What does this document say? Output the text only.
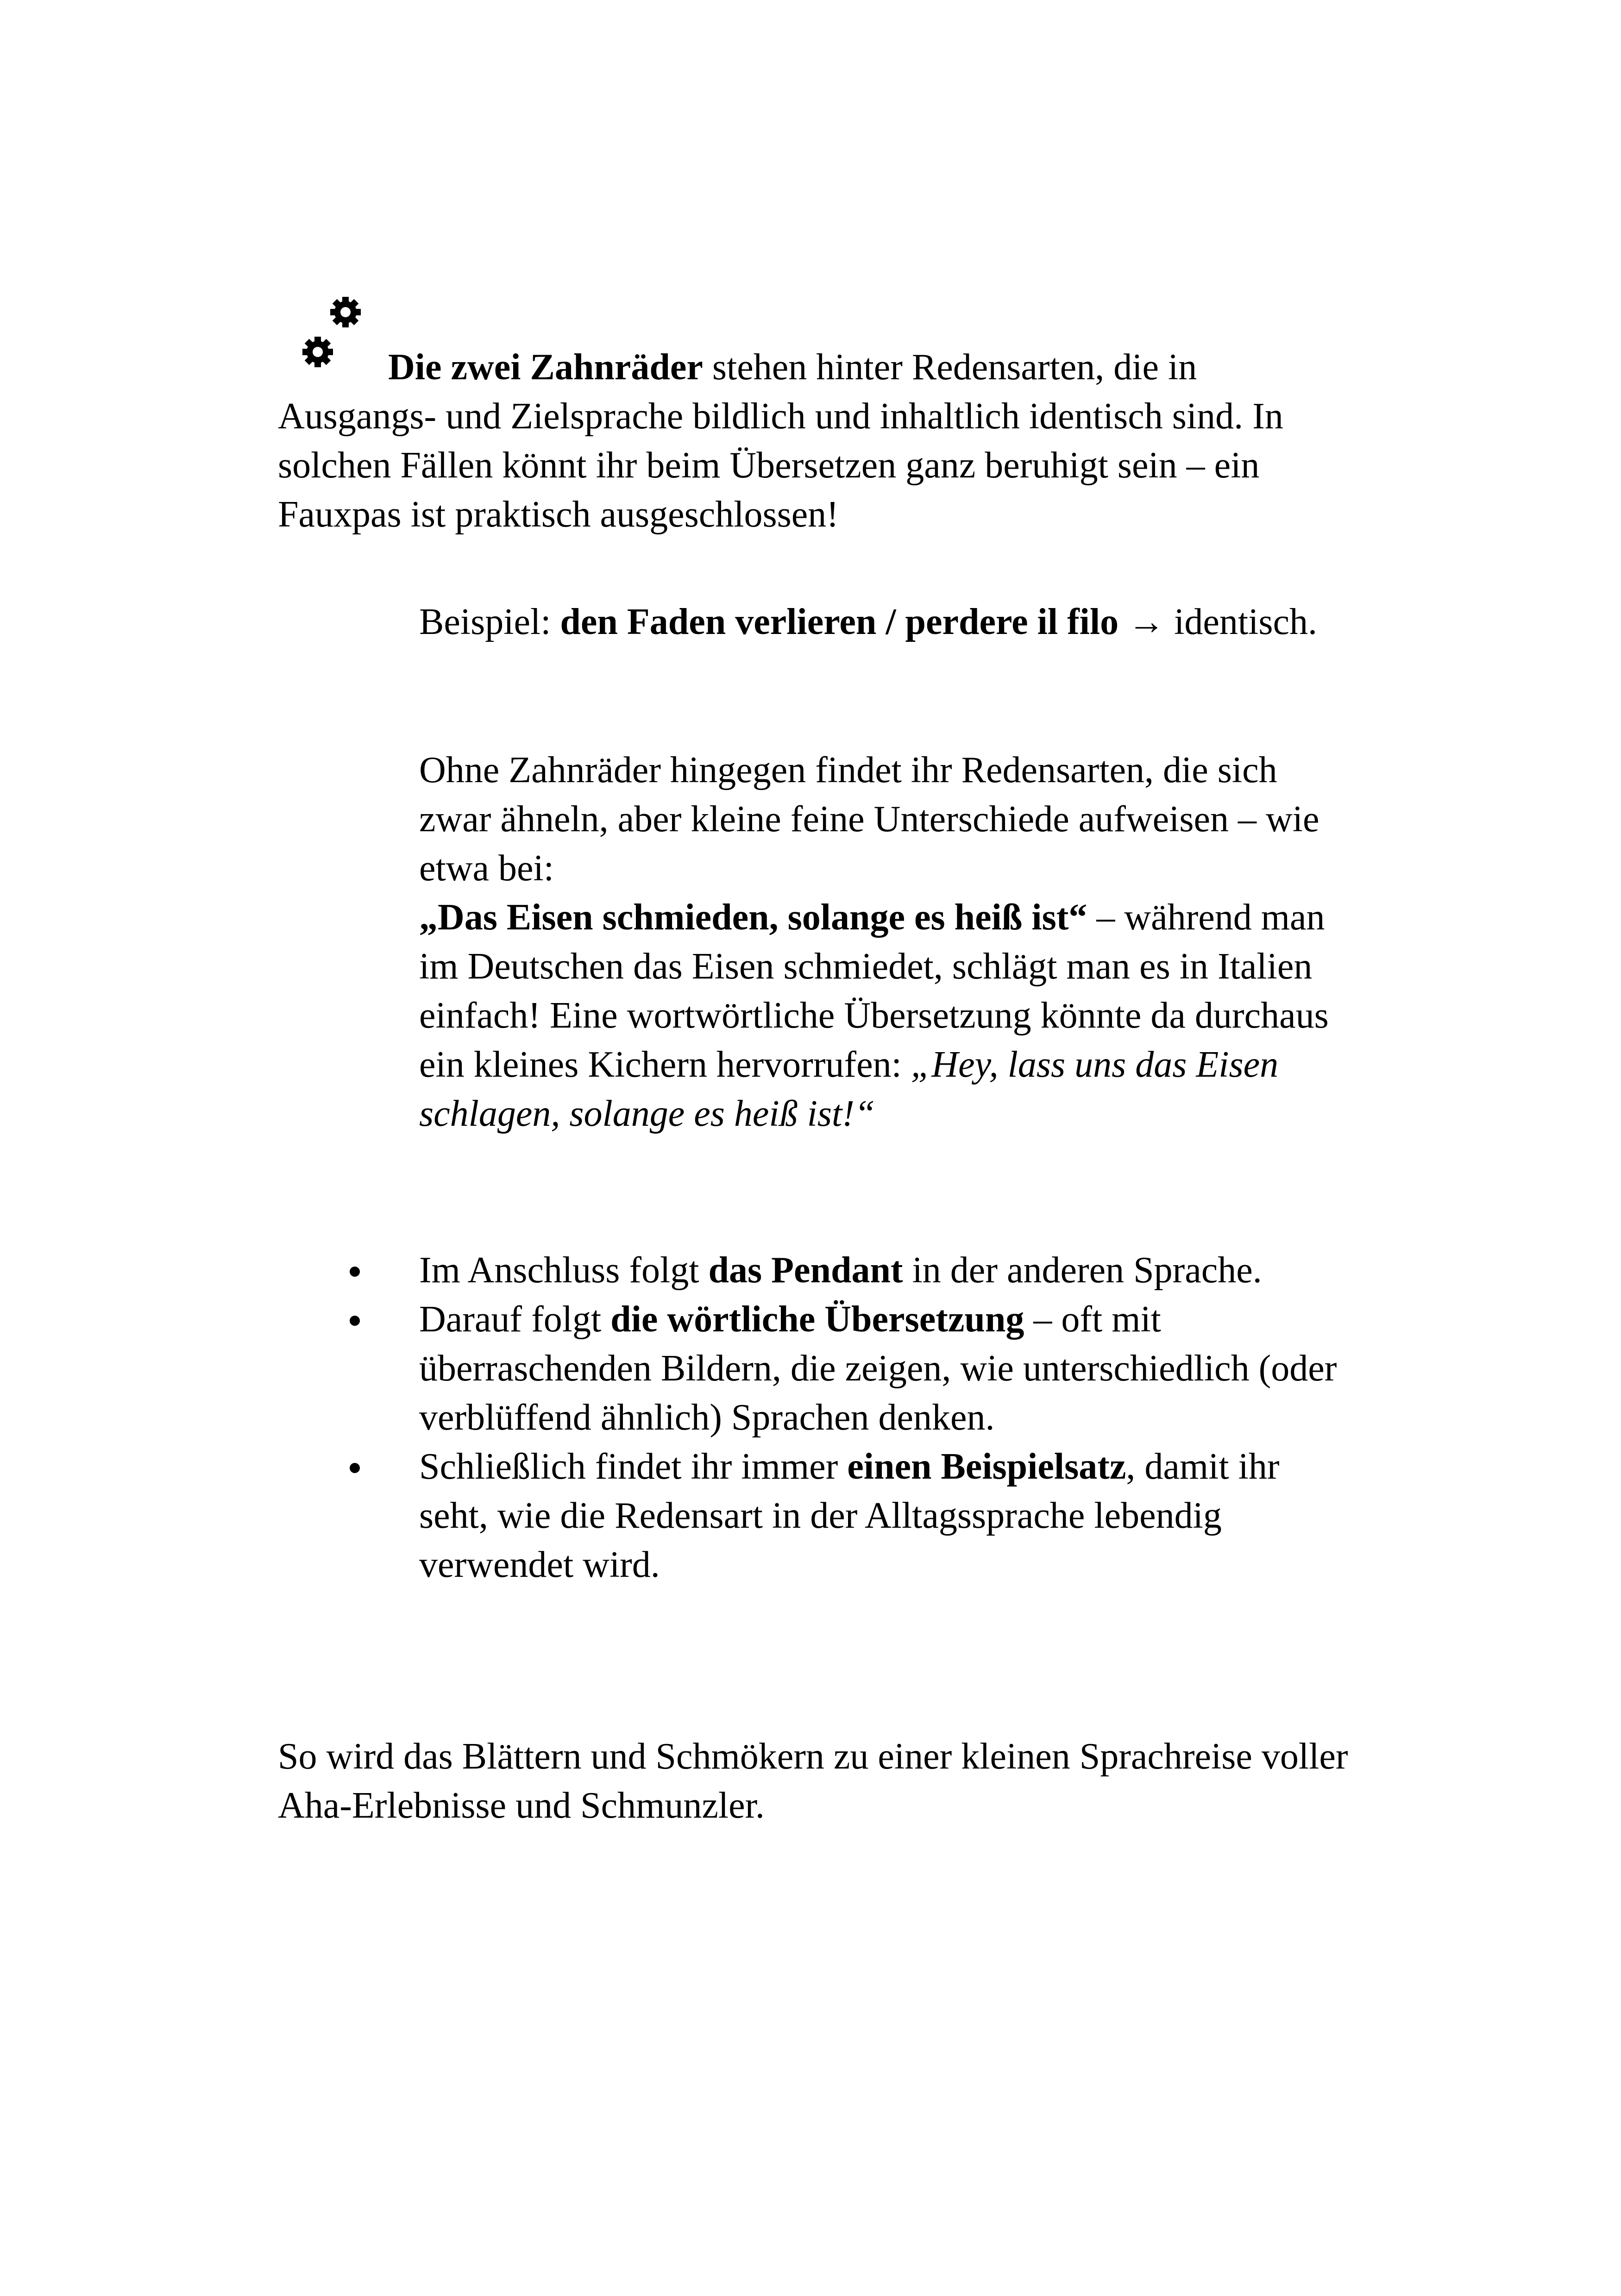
Die zwei Zahnräder stehen hinter Redensarten, die in Ausgangs- und Zielsprache bildlich und inhaltlich identisch sind. In solchen Fällen könnt ihr beim Übersetzen ganz beruhigt sein – ein Fauxpas ist praktisch ausgeschlossen!

Beispiel: den Faden verlieren / perdere il filo → identisch.

Ohne Zahnräder hingegen findet ihr Redensarten, die sich zwar ähneln, aber kleine feine Unterschiede aufweisen – wie etwa bei:
„Das Eisen schmieden, solange es heiß ist“ – während man im Deutschen das Eisen schmiedet, schlägt man es in Italien einfach! Eine wortwörtliche Übersetzung könnte da durchaus ein kleines Kichern hervorrufen: „Hey, lass uns das Eisen schlagen, solange es heiß ist!“

Im Anschluss folgt das Pendant in der anderen Sprache.
Darauf folgt die wörtliche Übersetzung – oft mit überraschenden Bildern, die zeigen, wie unterschiedlich (oder verblüffend ähnlich) Sprachen denken.
Schließlich findet ihr immer einen Beispielsatz, damit ihr seht, wie die Redensart in der Alltagssprache lebendig verwendet wird.

So wird das Blättern und Schmökern zu einer kleinen Sprachreise voller Aha-Erlebnisse und Schmunzler.
